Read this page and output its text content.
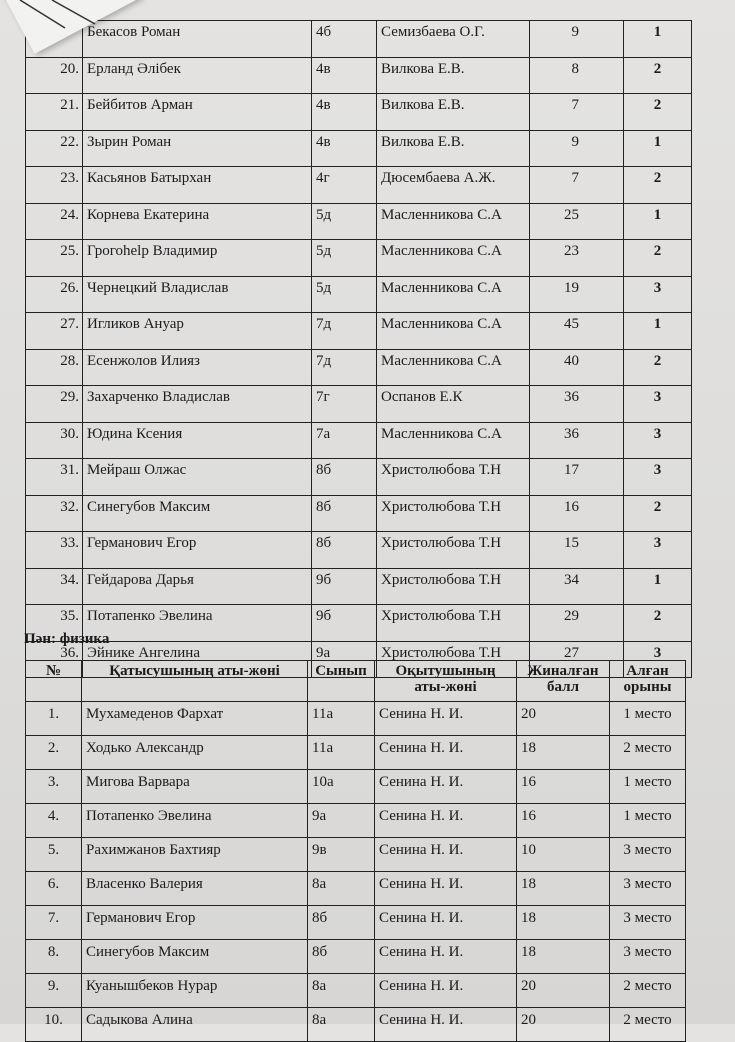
	Бекасов Роман	4б	Семизбаева О.Г.	9	1
20.	Ерланд Әлібек	4в	Вилкова Е.В.	8	2
21.	Бейбитов Арман	4в	Вилкова Е.В.	7	2
22.	Зырин Роман	4в	Вилкова Е.В.	9	1
23.	Касьянов Батырхан	4г	Дюсембаева А.Ж.	7	2
24.	Корнева Екатерина	5д	Масленникова С.А	25	1
25.	Грогоhelp Владимир	5д	Масленникова С.А	23	2
26.	Чернецкий Владислав	5д	Масленникова С.А	19	3
27.	Игликов Ануар	7д	Масленникова С.А	45	1
28.	Есенжолов Илияз	7д	Масленникова С.А	40	2
29.	Захарченко Владислав	7г	Оспанов Е.К	36	3
30.	Юдина Ксения	7а	Масленникова С.А	36	3
31.	Мейраш Олжас	8б	Христолюбова Т.Н	17	3
32.	Синегубов Максим	8б	Христолюбова Т.Н	16	2
33.	Германович Егор	8б	Христолюбова Т.Н	15	3
34.	Гейдарова Дарья	9б	Христолюбова Т.Н	34	1
35.	Потапенко Эвелина	9б	Христолюбова Т.Н	29	2
36.	Эйнике Ангелина	9а	Христолюбова Т.Н	27	3
Пән: физика
№	Қатысушының аты-жөні	Сынып	Оқытушының аты-жөні	Жиналған балл	Алған орыны
1.	Мухамеденов Фархат	11а	Сенина Н. И.	20	1 место
2.	Ходько Александр	11а	Сенина Н. И.	18	2 место
3.	Мигова Варвара	10а	Сенина Н. И.	16	1 место
4.	Потапенко Эвелина	9а	Сенина Н. И.	16	1 место
5.	Рахимжанов Бахтияр	9в	Сенина Н. И.	10	3 место
6.	Власенко Валерия	8а	Сенина Н. И.	18	3 место
7.	Германович Егор	8б	Сенина Н. И.	18	3 место
8.	Синегубов Максим	8б	Сенина Н. И.	18	3 место
9.	Куанышбеков Нурар	8а	Сенина Н. И.	20	2 место
10.	Садыкова Алина	8а	Сенина Н. И.	20	2 место
